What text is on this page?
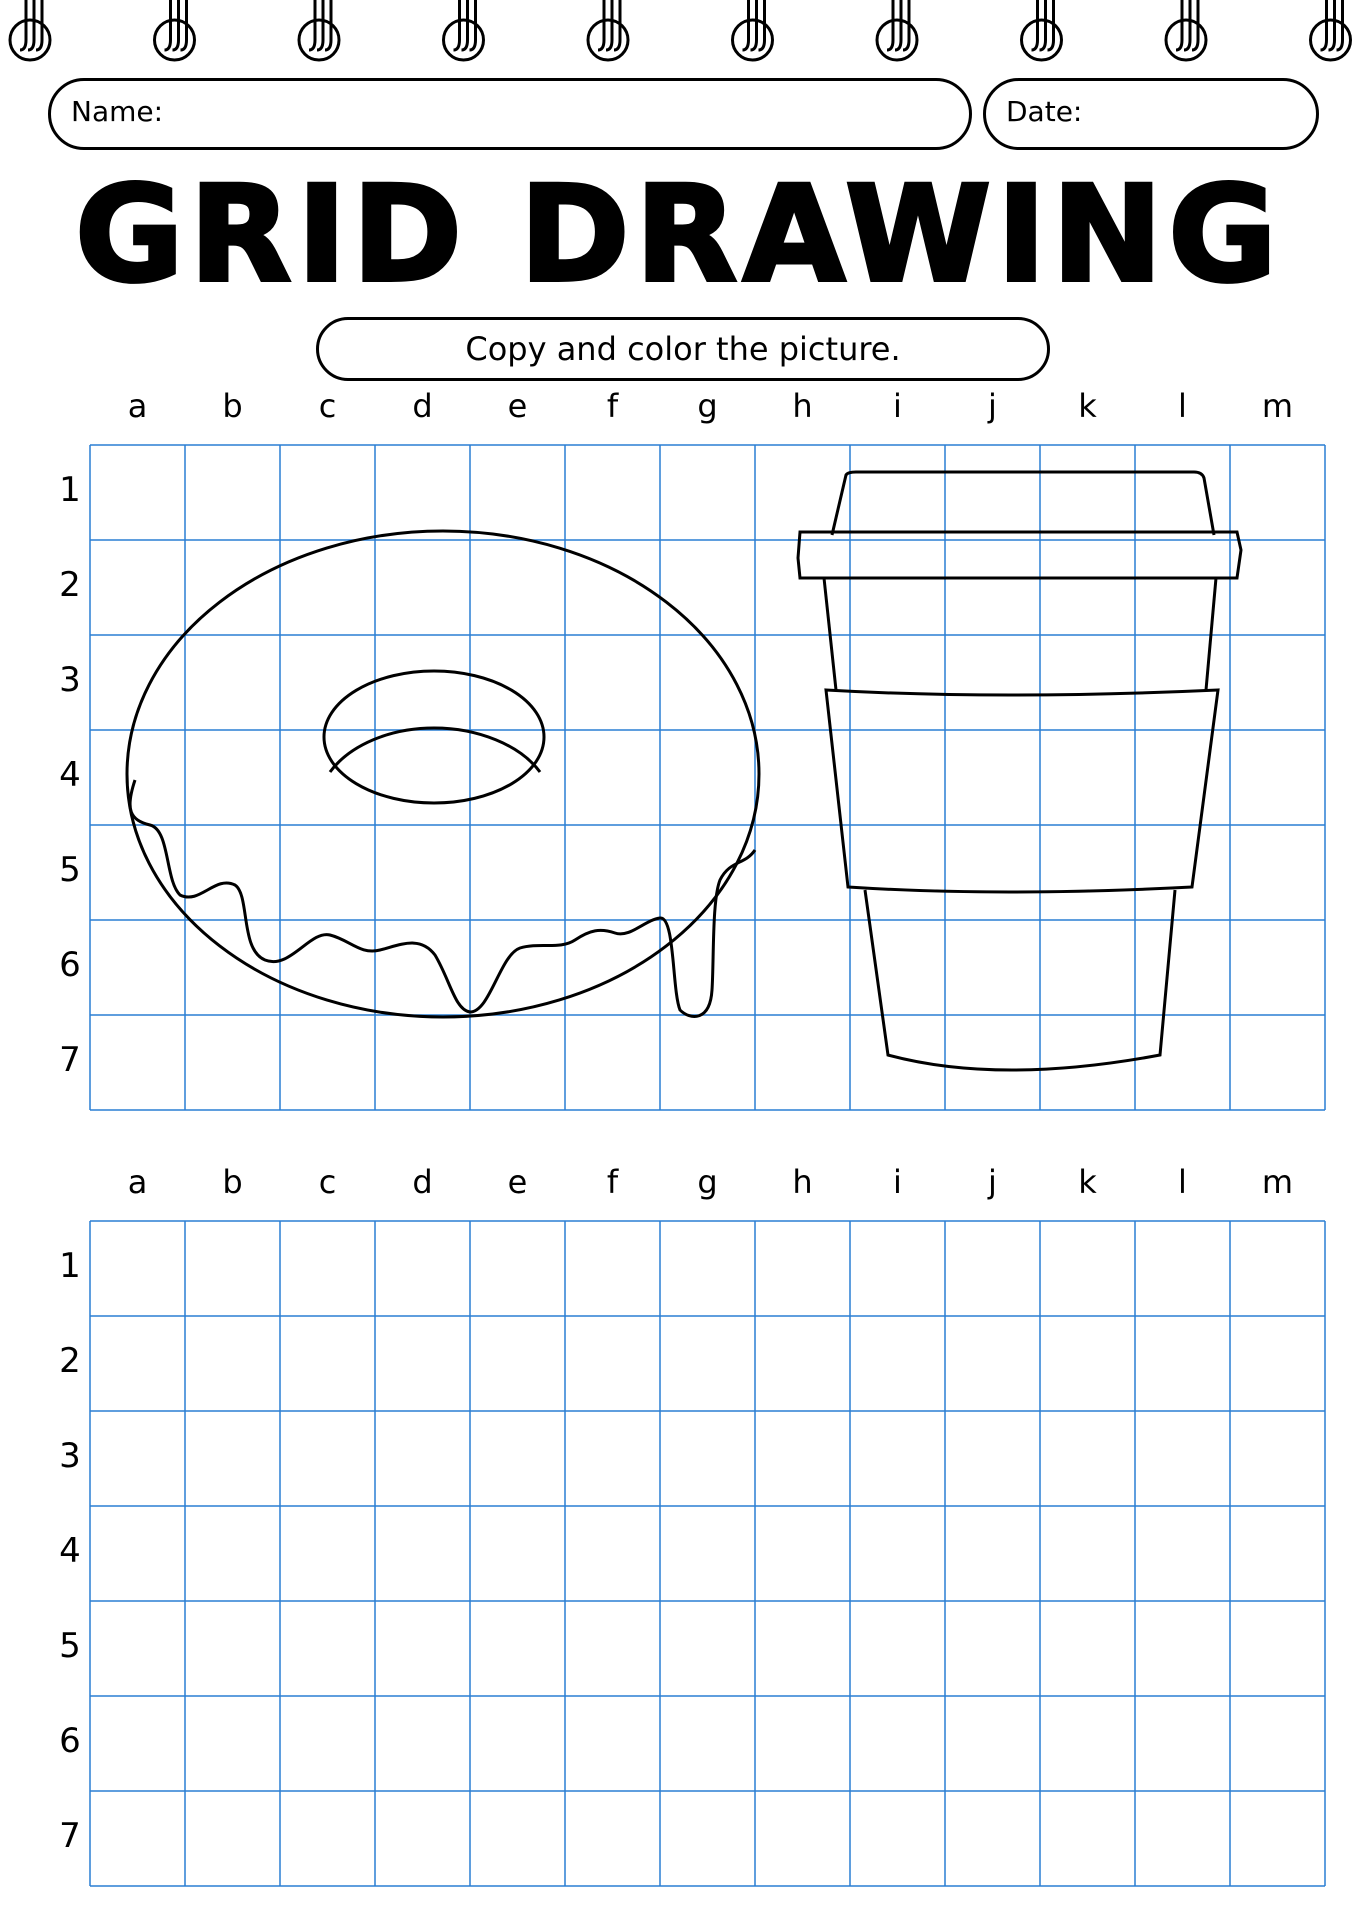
Name:	Date:
GRID DRAWING
Copy and color the picture.
a	b	c	d	e	f	g	h	i	j	k	l	m
1
2
3
4
5
6
7
a	b	c	d	e	f	g	h	i	j	k	l	m
1
2
3
4
5
6
7
